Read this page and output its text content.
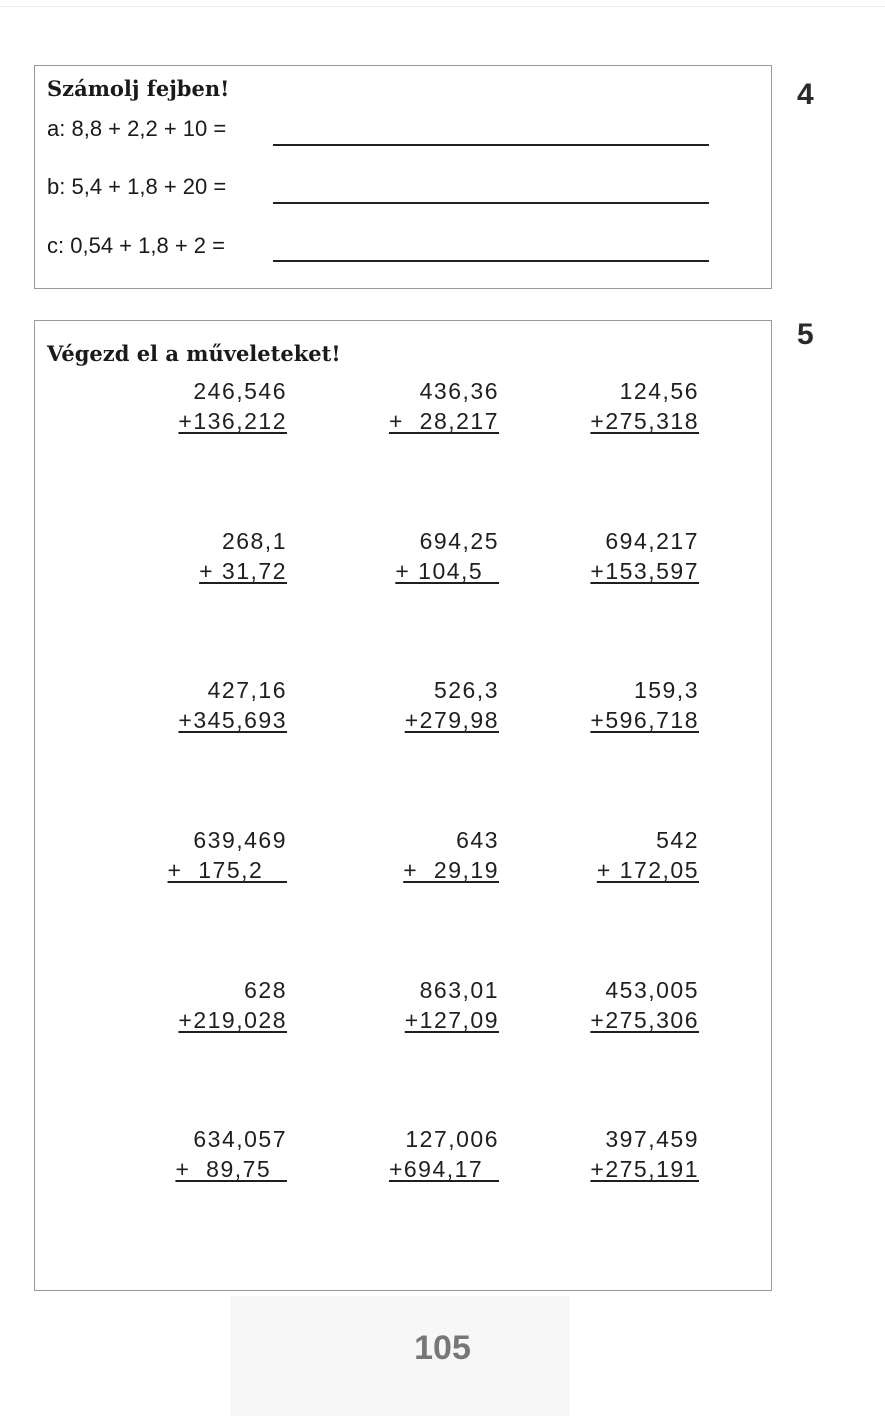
4
Számolj fejben!
a: 8,8 + 2,2 + 10 =
b: 5,4 + 1,8 + 20 =
c: 0,54 + 1,8 + 2 =
5
Végezd el a műveleteket!
246,546
+136,212
436,36
+  28,217
124,56
+275,318
268,1
+ 31,72
694,25
+ 104,5
694,217
+153,597
427,16
+345,693
526,3
+279,98
159,3
+596,718
639,469
+  175,2
643
+  29,19
542
+ 172,05
628
+219,028
863,01
+127,09
453,005
+275,306
634,057
+  89,75
127,006
+694,17
397,459
+275,191
105
